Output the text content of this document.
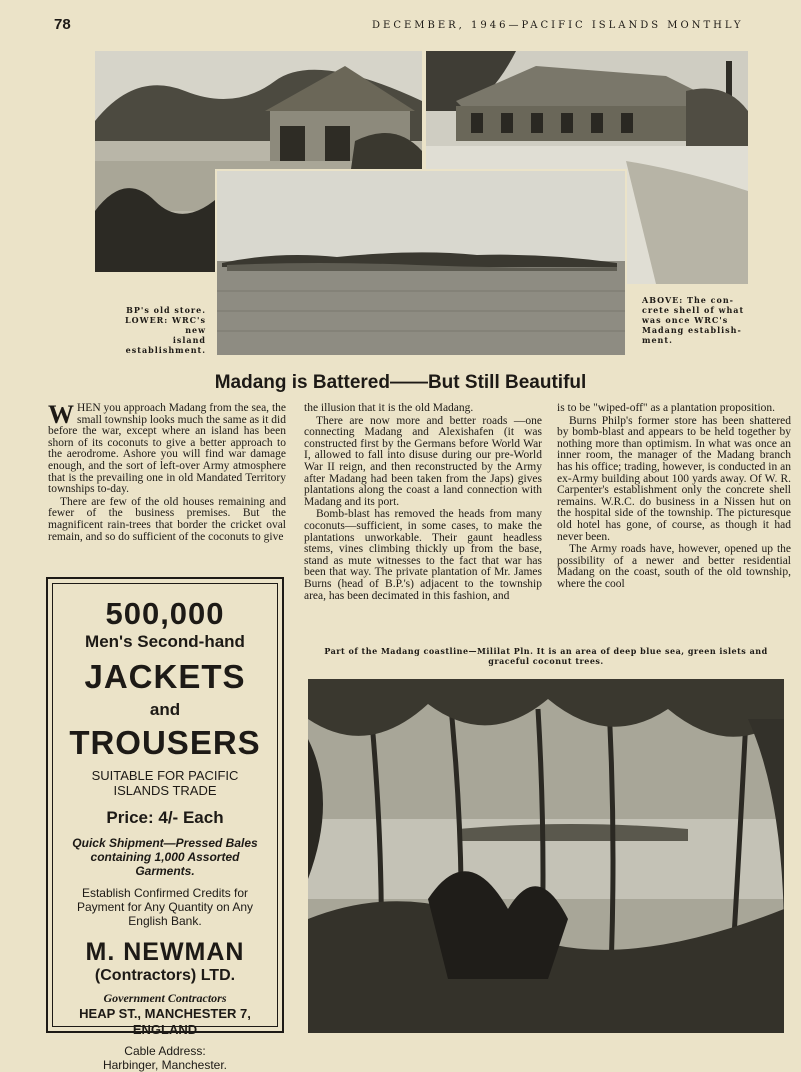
78	DECEMBER, 1946—PACIFIC ISLANDS MONTHLY
BP's old store.
LOWER: WRC's new
island establishment.
ABOVE: The con-
crete shell of what
was once WRC's
Madang establish-
ment.
Madang is Battered——But Still Beautiful

WHEN you approach Madang from the sea, the small township looks much the same as it did before the war, except where an island has been shorn of its coconuts to give a better approach to the aerodrome. Ashore you will find war damage enough, and the sort of left-over Army atmosphere that is the prevailing one in old Mandated Territory townships to-day.

There are few of the old houses remaining and fewer of the business premises. But the magnificent rain-trees that border the cricket oval remain, and so do sufficient of the coconuts to give

the illusion that it is the old Madang.

There are now more and better roads —one connecting Madang and Alexishafen (it was constructed first by the Germans before World War I, allowed to fall into disuse during our pre-World War II reign, and then reconstructed by the Army after Madang had been taken from the Japs) gives plantations along the coast a land connection with Madang and its port.

Bomb-blast has removed the heads from many coconuts—sufficient, in some cases, to make the plantations unworkable. Their gaunt headless stems, vines climbing thickly up from the base, stand as mute witnesses to the fact that war has been that way. The private plantation of Mr. James Burns (head of B.P.'s) adjacent to the township area, has been decimated in this fashion, and

is to be "wiped-off" as a plantation proposition.

Burns Philp's former store has been shattered by bomb-blast and appears to be held together by nothing more than optimism. In what was once an inner room, the manager of the Madang branch has his office; trading, however, is conducted in an ex-Army building about 100 yards away. Of W. R. Carpenter's establishment only the concrete shell remains. W.R.C. do business in a Nissen hut on the hospital side of the township. The picturesque old hotel has gone, of course, as though it had never been.

The Army roads have, however, opened up the possibility of a newer and better residential Madang on the coast, south of the old township, where the cool

Part of the Madang coastline—Mililat Pln. It is an area of deep blue sea, green islets and
graceful coconut trees.
500,000
Men's Second-hand
JACKETS
and
TROUSERS
SUITABLE FOR PACIFIC
ISLANDS TRADE
Price: 4/- Each
Quick Shipment—Pressed Bales
containing 1,000 Assorted
Garments.
Establish Confirmed Credits for
Payment for Any Quantity on Any
English Bank.
M. NEWMAN
(Contractors) LTD.
Government Contractors
HEAP ST., MANCHESTER 7,
ENGLAND
Cable Address:
Harbinger, Manchester.
